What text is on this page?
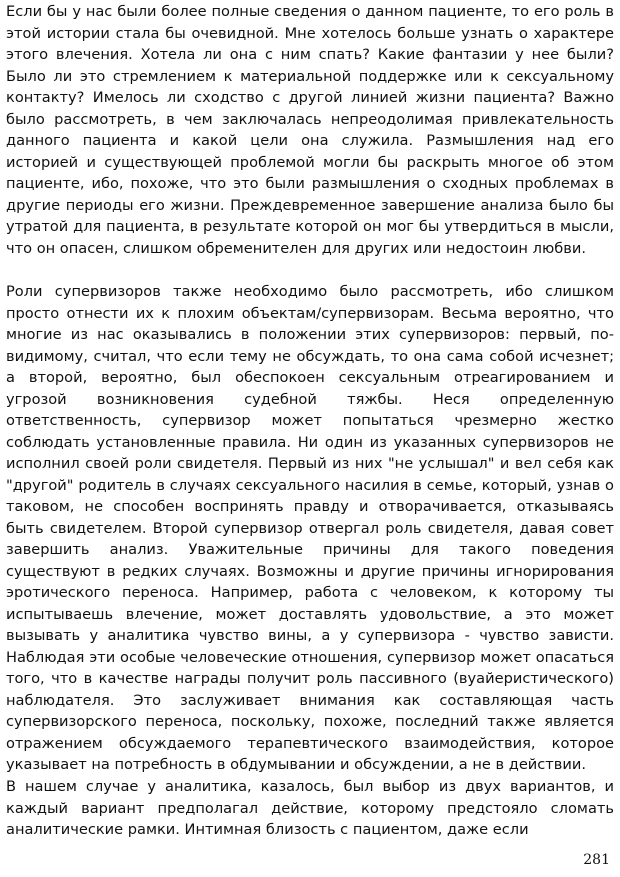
Если бы у нас были более полные сведения о данном пациенте, то его роль в этой истории стала бы очевидной. Мне хотелось больше узнать о характере этого влечения. Хотела ли она с ним спать? Какие фантазии у нее были? Было ли это стремлением к материальной поддержке или к сексуальному контакту? Имелось ли сходство с другой линией жизни пациента? Важно было рассмотреть, в чем заключалась непреодолимая привлекательность данного пациента и какой цели она служила. Размышления над его историей и существующей проблемой могли бы раскрыть многое об этом пациенте, ибо, похоже, что это были размышления о сходных проблемах в другие периоды его жизни. Преждевременное завершение анализа было бы утратой для пациента, в результате которой он мог бы утвердиться в мысли, что он опасен, слишком обременителен для других или недостоин любви.

Роли супервизоров также необходимо было рассмотреть, ибо слишком просто отнести их к плохим объектам/супервизорам. Весьма вероятно, что многие из нас оказывались в положении этих супервизоров: первый, по-видимому, считал, что если тему не обсуждать, то она сама собой исчезнет; а второй, вероятно, был обеспокоен сексуальным отреагированием и угрозой возникновения судебной тяжбы. Неся определенную ответственность, супервизор может попытаться чрезмерно жестко соблюдать установленные правила. Ни один из указанных супервизоров не исполнил своей роли свидетеля. Первый из них "не услышал" и вел себя как "другой" родитель в случаях сексуального насилия в семье, который, узнав о таковом, не способен воспринять правду и отворачивается, отказываясь быть свидетелем. Второй супервизор отвергал роль свидетеля, давая совет завершить анализ. Уважительные причины для такого поведения существуют в редких случаях. Возможны и другие причины игнорирования эротического переноса. Например, работа с человеком, к которому ты испытываешь влечение, может доставлять удовольствие, а это может вызывать у аналитика чувство вины, а у супервизора - чувство зависти. Наблюдая эти особые человеческие отношения, супервизор может опасаться того, что в качестве награды получит роль пассивного (вуайеристического) наблюдателя. Это заслуживает внимания как составляющая часть супервизорского переноса, поскольку, похоже, последний также является отражением обсуждаемого терапевтического взаимодействия, которое указывает на потребность в обдумывании и обсуждении, а не в действии.

В нашем случае у аналитика, казалось, был выбор из двух вариантов, и каждый вариант предполагал действие, которому предстояло сломать аналитические рамки. Интимная близость с пациентом, даже если

281
